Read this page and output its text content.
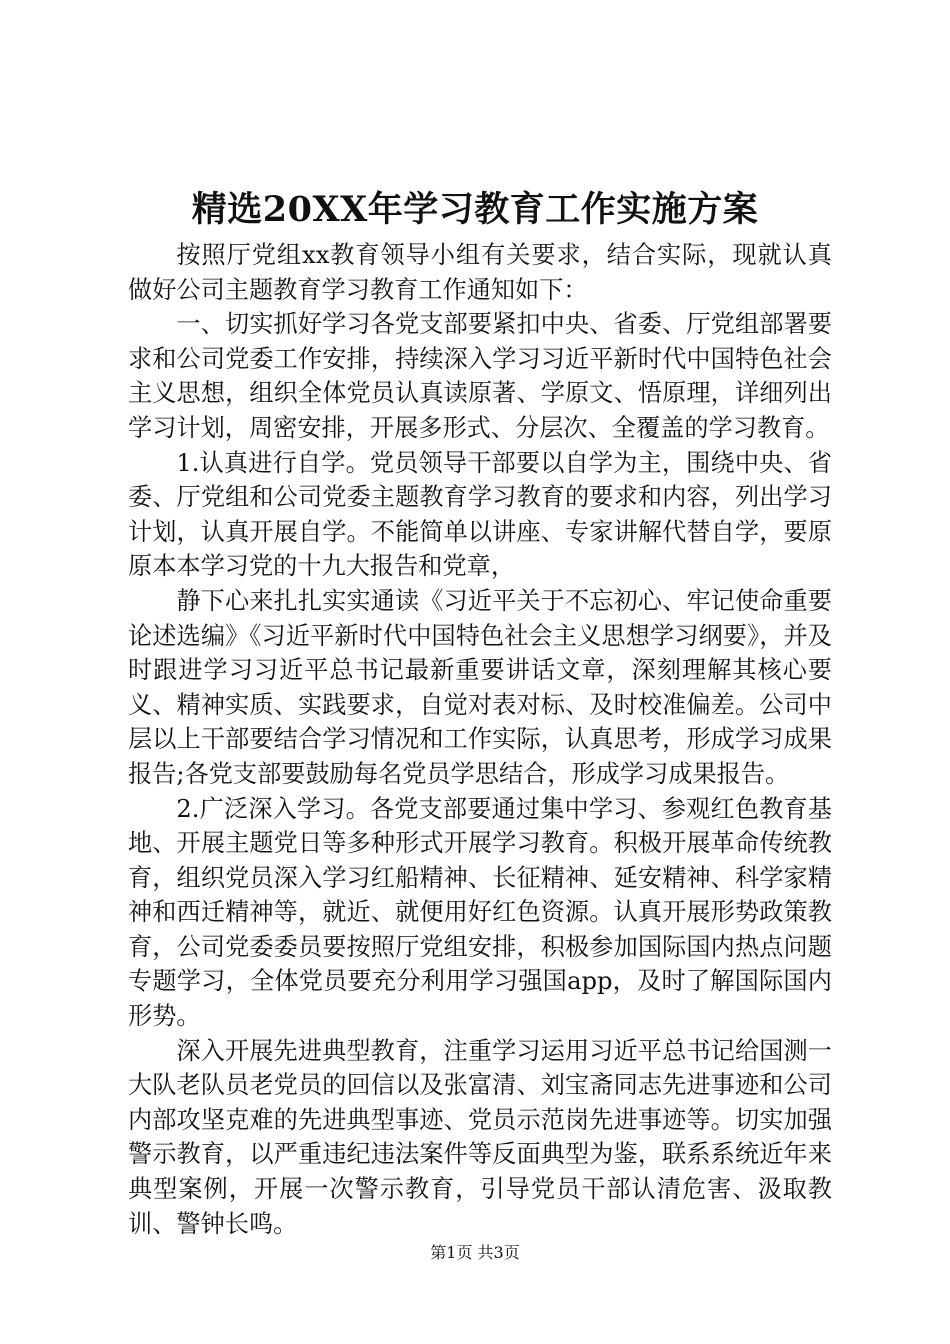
精选20XX年学习教育工作实施方案

按照厅党组xx教育领导小组有关要求，结合实际，现就认真做好公司主题教育学习教育工作通知如下：

一、切实抓好学习各党支部要紧扣中央、省委、厅党组部署要求和公司党委工作安排，持续深入学习习近平新时代中国特色社会主义思想，组织全体党员认真读原著、学原文、悟原理，详细列出学习计划，周密安排，开展多形式、分层次、全覆盖的学习教育。

1.认真进行自学。党员领导干部要以自学为主，围绕中央、省委、厅党组和公司党委主题教育学习教育的要求和内容，列出学习计划，认真开展自学。不能简单以讲座、专家讲解代替自学，要原原本本学习党的十九大报告和党章，

静下心来扎扎实实通读《习近平关于不忘初心、牢记使命重要论述选编》《习近平新时代中国特色社会主义思想学习纲要》，并及时跟进学习习近平总书记最新重要讲话文章，深刻理解其核心要义、精神实质、实践要求，自觉对表对标、及时校准偏差。公司中层以上干部要结合学习情况和工作实际，认真思考，形成学习成果报告;各党支部要鼓励每名党员学思结合，形成学习成果报告。

2.广泛深入学习。各党支部要通过集中学习、参观红色教育基地、开展主题党日等多种形式开展学习教育。积极开展革命传统教育，组织党员深入学习红船精神、长征精神、延安精神、科学家精神和西迁精神等，就近、就便用好红色资源。认真开展形势政策教育，公司党委委员要按照厅党组安排，积极参加国际国内热点问题专题学习，全体党员要充分利用学习强国app，及时了解国际国内形势。

深入开展先进典型教育，注重学习运用习近平总书记给国测一大队老队员老党员的回信以及张富清、刘宝斋同志先进事迹和公司内部攻坚克难的先进典型事迹、党员示范岗先进事迹等。切实加强警示教育，以严重违纪违法案件等反面典型为鉴，联系系统近年来典型案例，开展一次警示教育，引导党员干部认清危害、汲取教训、警钟长鸣。

第1页 共3页
